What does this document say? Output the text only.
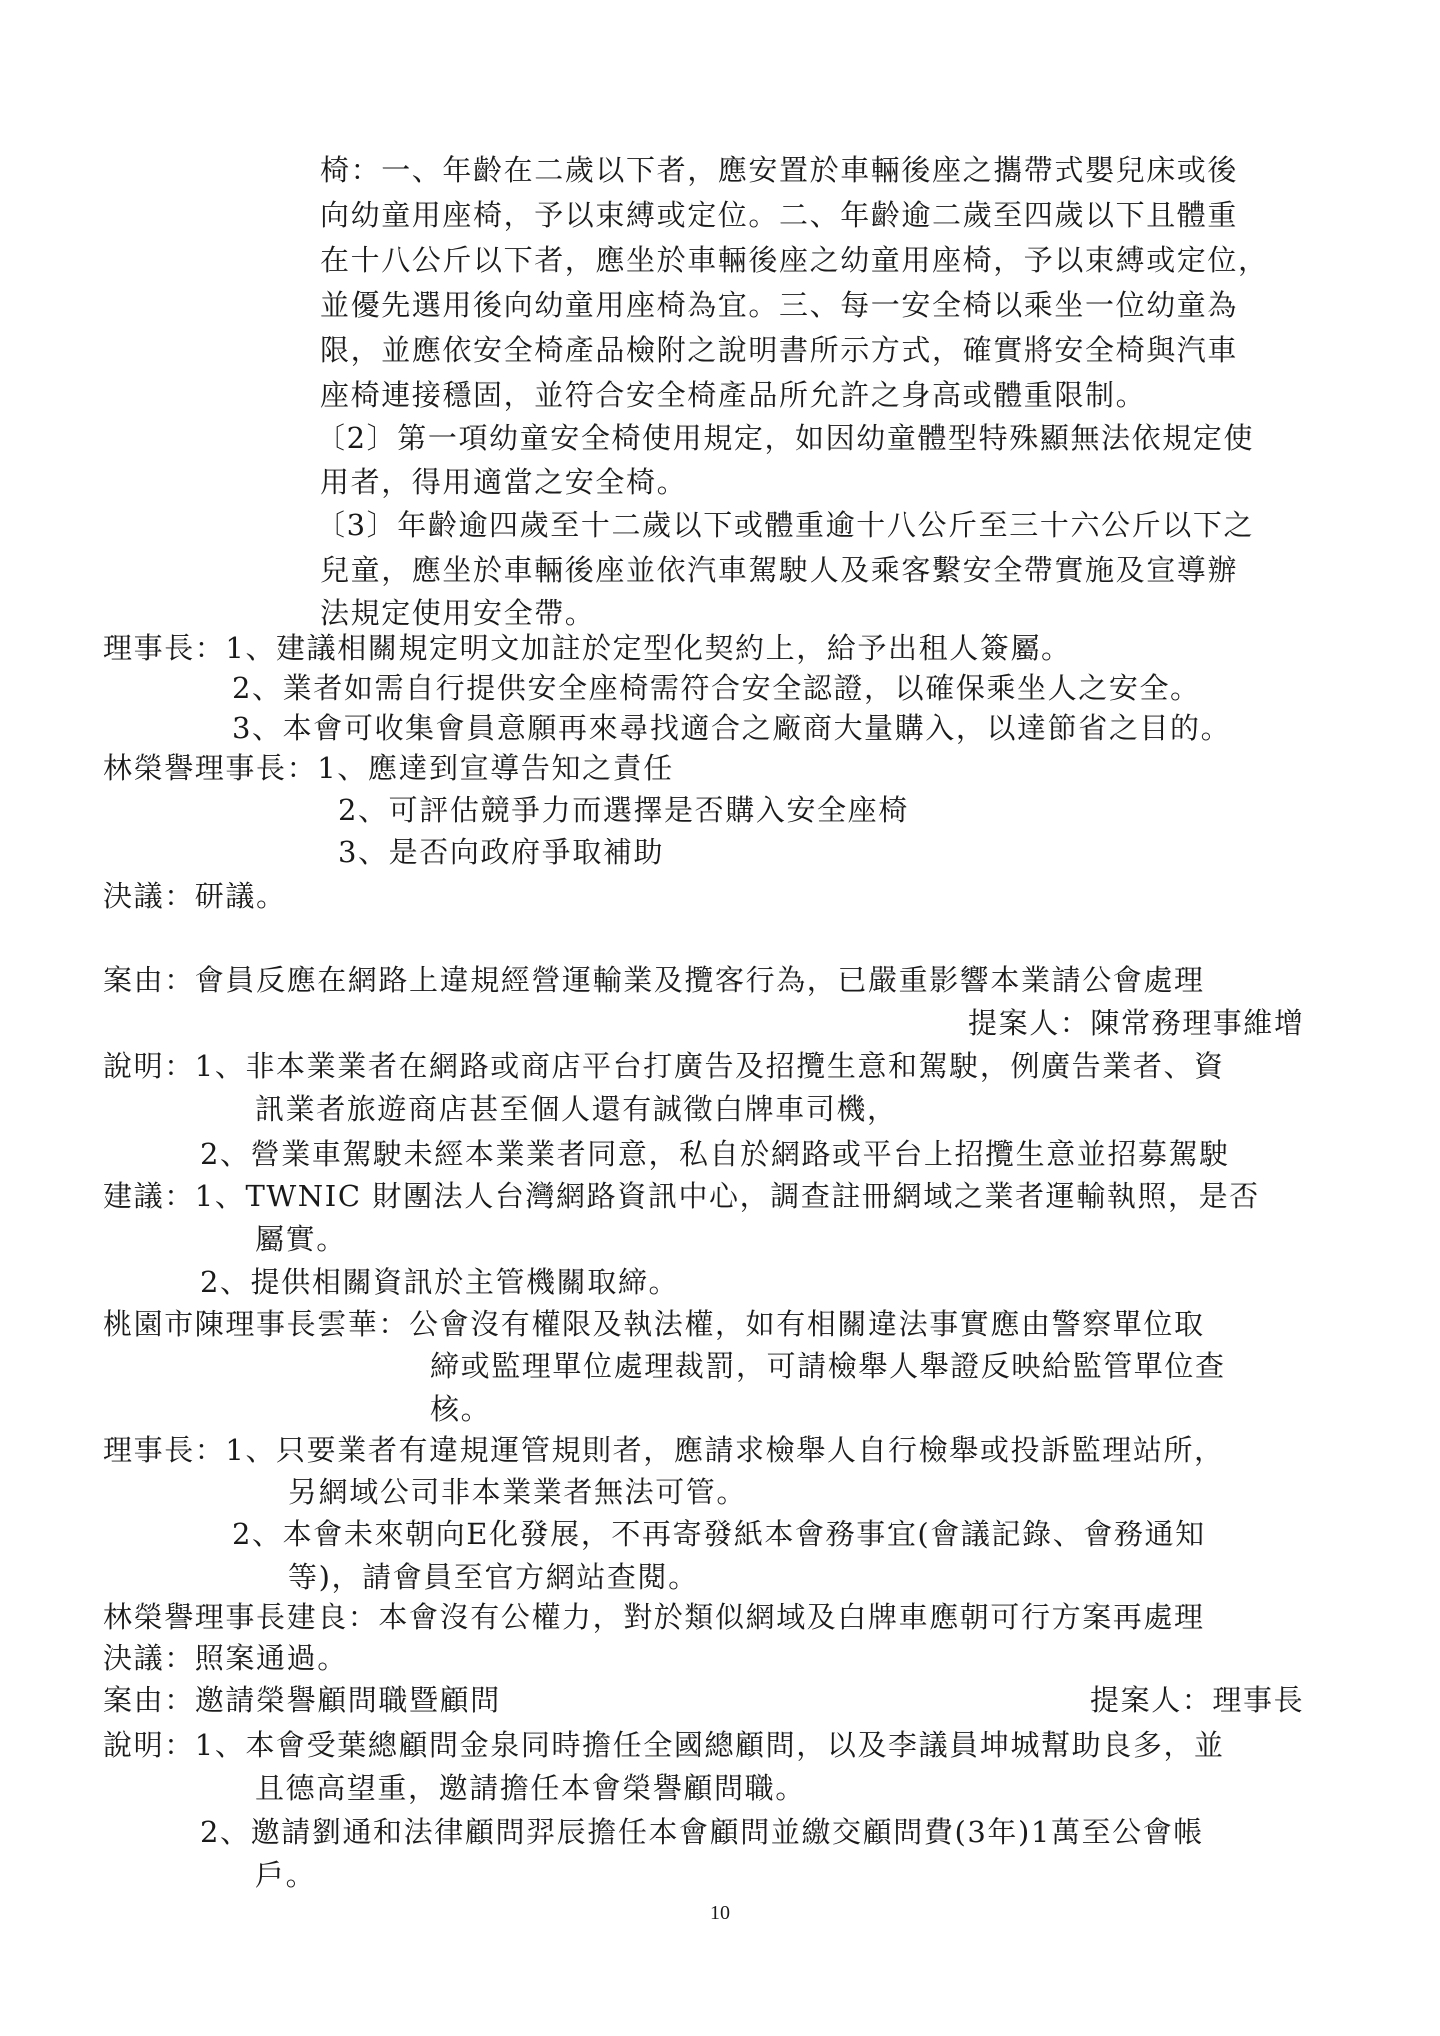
椅：一、年齡在二歲以下者，應安置於車輛後座之攜帶式嬰兒床或後
向幼童用座椅，予以束縛或定位。二、年齡逾二歲至四歲以下且體重
在十八公斤以下者，應坐於車輛後座之幼童用座椅，予以束縛或定位，
並優先選用後向幼童用座椅為宜。三、每一安全椅以乘坐一位幼童為
限，並應依安全椅產品檢附之說明書所示方式，確實將安全椅與汽車
座椅連接穩固，並符合安全椅產品所允許之身高或體重限制。
〔2〕第一項幼童安全椅使用規定，如因幼童體型特殊顯無法依規定使
用者，得用適當之安全椅。
〔3〕年齡逾四歲至十二歲以下或體重逾十八公斤至三十六公斤以下之
兒童，應坐於車輛後座並依汽車駕駛人及乘客繫安全帶實施及宣導辦
法規定使用安全帶。
理事長：1、建議相關規定明文加註於定型化契約上，給予出租人簽屬。
2、業者如需自行提供安全座椅需符合安全認證，以確保乘坐人之安全。
3、本會可收集會員意願再來尋找適合之廠商大量購入，以達節省之目的。
林榮譽理事長：1、應達到宣導告知之責任
2、可評估競爭力而選擇是否購入安全座椅
3、是否向政府爭取補助
決議：研議。
案由：會員反應在網路上違規經營運輸業及攬客行為，已嚴重影響本業請公會處理
提案人：陳常務理事維增
說明：1、非本業業者在網路或商店平台打廣告及招攬生意和駕駛，例廣告業者、資
訊業者旅遊商店甚至個人還有誠徵白牌車司機，
2、營業車駕駛未經本業業者同意，私自於網路或平台上招攬生意並招募駕駛
建議：1、TWNIC 財團法人台灣網路資訊中心，調查註冊網域之業者運輸執照，是否
屬實。
2、提供相關資訊於主管機關取締。
桃園市陳理事長雲華：公會沒有權限及執法權，如有相關違法事實應由警察單位取
締或監理單位處理裁罰，可請檢舉人舉證反映給監管單位查
核。
理事長：1、只要業者有違規運管規則者，應請求檢舉人自行檢舉或投訴監理站所，
另網域公司非本業業者無法可管。
2、本會未來朝向E化發展，不再寄發紙本會務事宜(會議記錄、會務通知
等)，請會員至官方網站查閱。
林榮譽理事長建良：本會沒有公權力，對於類似網域及白牌車應朝可行方案再處理
決議：照案通過。
案由：邀請榮譽顧問職暨顧問	提案人：理事長
說明：1、本會受葉總顧問金泉同時擔任全國總顧問，以及李議員坤城幫助良多，並
且德高望重，邀請擔任本會榮譽顧問職。
2、邀請劉通和法律顧問羿辰擔任本會顧問並繳交顧問費(3年)1萬至公會帳
戶。
10
